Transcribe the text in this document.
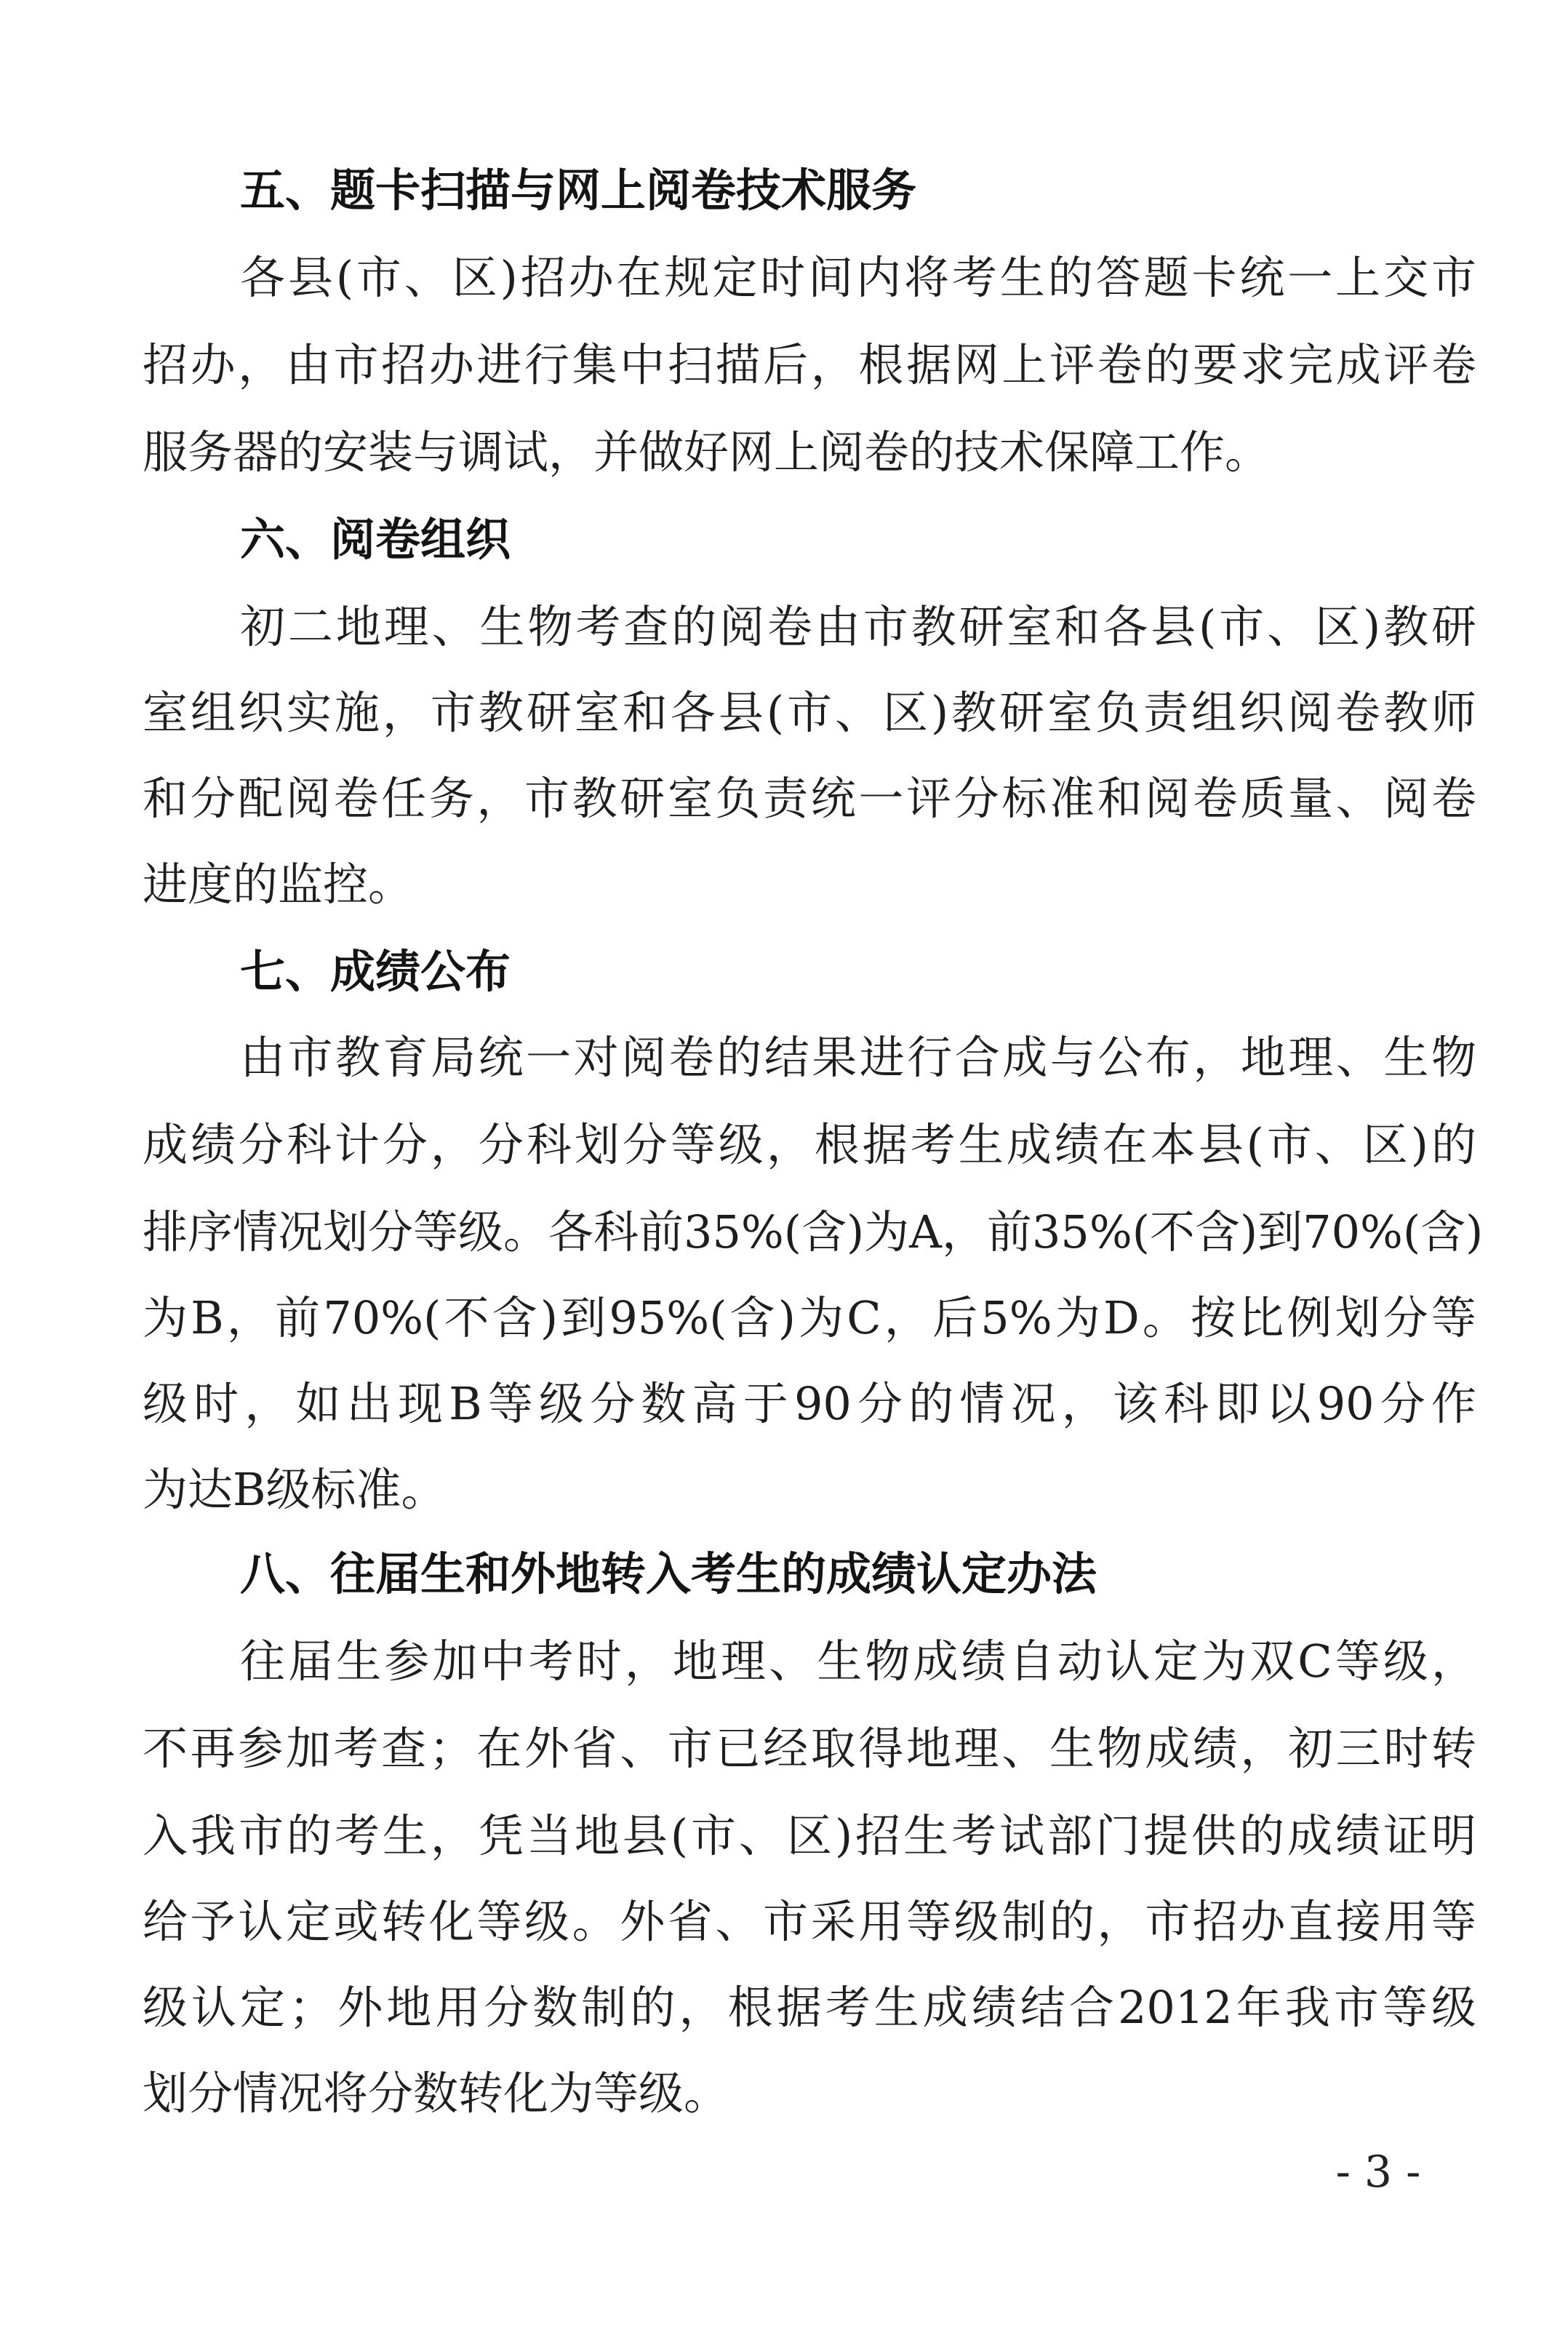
五、题卡扫描与网上阅卷技术服务

各县(市、区)招办在规定时间内将考生的答题卡统一上交市

招办，由市招办进行集中扫描后，根据网上评卷的要求完成评卷

服务器的安装与调试，并做好网上阅卷的技术保障工作。

六、阅卷组织

初二地理、生物考查的阅卷由市教研室和各县(市、区)教研

室组织实施，市教研室和各县(市、区)教研室负责组织阅卷教师

和分配阅卷任务，市教研室负责统一评分标准和阅卷质量、阅卷

进度的监控。

七、成绩公布

由市教育局统一对阅卷的结果进行合成与公布，地理、生物

成绩分科计分，分科划分等级，根据考生成绩在本县(市、区)的

排序情况划分等级。各科前35%(含)为A，前35%(不含)到70%(含)

为B，前70%(不含)到95%(含)为C，后5%为D。按比例划分等

级时，如出现B等级分数高于90分的情况，该科即以90分作

为达B级标准。

八、往届生和外地转入考生的成绩认定办法

往届生参加中考时，地理、生物成绩自动认定为双C等级，

不再参加考查；在外省、市已经取得地理、生物成绩，初三时转

入我市的考生，凭当地县(市、区)招生考试部门提供的成绩证明

给予认定或转化等级。外省、市采用等级制的，市招办直接用等

级认定；外地用分数制的，根据考生成绩结合2012年我市等级

划分情况将分数转化为等级。

- 3 -
